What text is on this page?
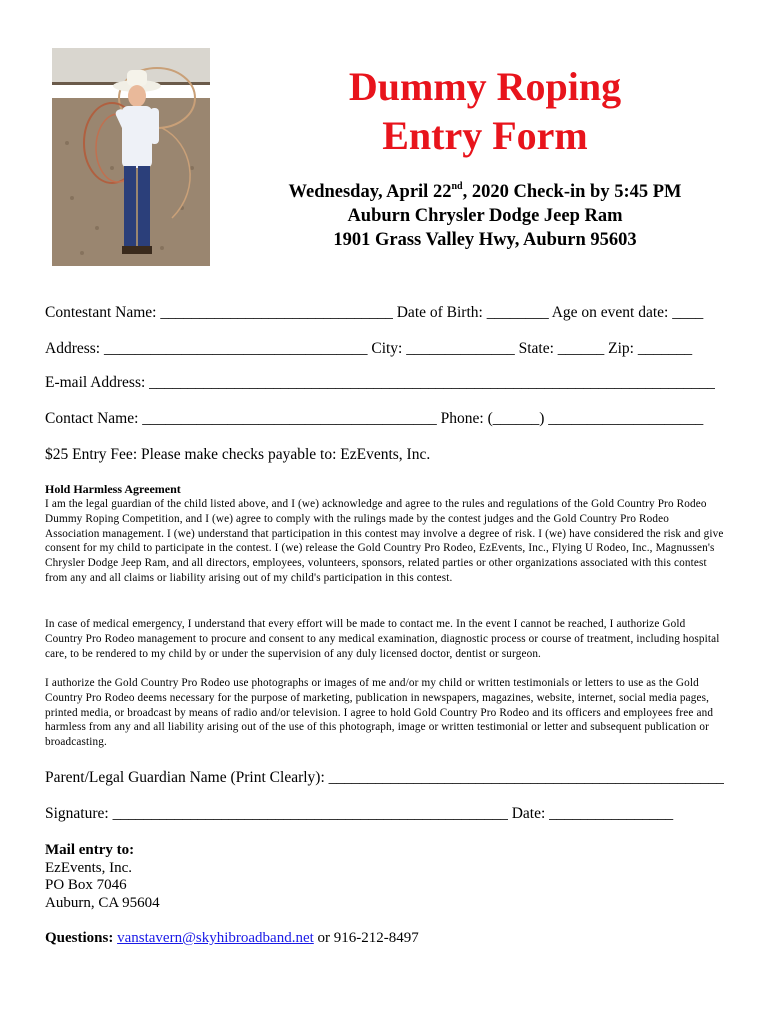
Dummy Roping
Entry Form
Wednesday, April 22nd, 2020 Check-in by 5:45 PM
Auburn Chrysler Dodge Jeep Ram
1901 Grass Valley Hwy, Auburn 95603
Contestant Name: ______________________________ Date of Birth: ________ Age on event date: ____
Address: __________________________________ City: ______________ State: ______ Zip: _______
E-mail Address: _________________________________________________________________________
Contact Name: ______________________________________ Phone: (______) ____________________
$25 Entry Fee: Please make checks payable to: EzEvents, Inc.
Hold Harmless Agreement
I am the legal guardian of the child listed above, and I (we) acknowledge and agree to the rules and regulations of the Gold Country Pro Rodeo Dummy Roping Competition, and I (we) agree to comply with the rulings made by the contest judges and the Gold Country Pro Rodeo Association management. I (we) understand that participation in this contest may involve a degree of risk. I (we) have considered the risk and give consent for my child to participate in the contest. I (we) release the Gold Country Pro Rodeo, EzEvents, Inc., Flying U Rodeo, Inc., Magnussen's Chrysler Dodge Jeep Ram, and all directors, employees, volunteers, sponsors, related parties or other organizations associated with this contest from any and all claims or liability arising out of my child's participation in this contest.
In case of medical emergency, I understand that every effort will be made to contact me. In the event I cannot be reached, I authorize Gold Country Pro Rodeo management to procure and consent to any medical examination, diagnostic process or course of treatment, including hospital care, to be rendered to my child by or under the supervision of any duly licensed doctor, dentist or surgeon.
I authorize the Gold Country Pro Rodeo use photographs or images of me and/or my child or written testimonials or letters to use as the Gold Country Pro Rodeo deems necessary for the purpose of marketing, publication in newspapers, magazines, website, internet, social media pages, printed media, or broadcast by means of radio and/or television. I agree to hold Gold Country Pro Rodeo and its officers and employees free and harmless from any and all liability arising out of the use of this photograph, image or written testimonial or letter and subsequent publication or broadcasting.
Parent/Legal Guardian Name (Print Clearly): ___________________________________________________
Signature: ___________________________________________________ Date: ________________
Mail entry to:
EzEvents, Inc.
PO Box 7046
Auburn, CA 95604
Questions: vanstavern@skyhibroadband.net or 916-212-8497
